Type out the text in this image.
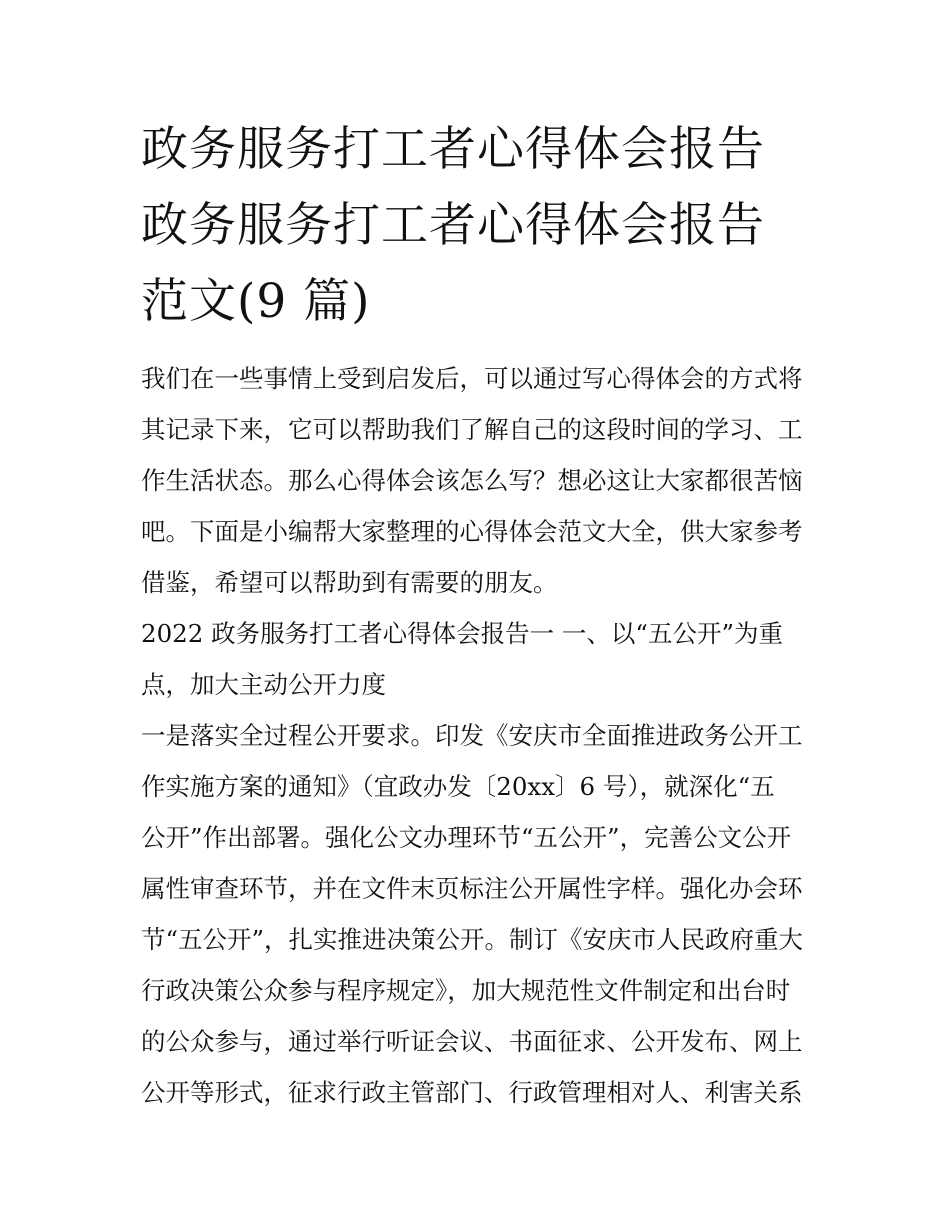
政务服务打工者心得体会报告
政务服务打工者心得体会报告
范文(9 篇)

我们在一些事情上受到启发后，可以通过写心得体会的方式将
其记录下来，它可以帮助我们了解自己的这段时间的学习、工
作生活状态。那么心得体会该怎么写？想必这让大家都很苦恼
吧。下面是小编帮大家整理的心得体会范文大全，供大家参考
借鉴，希望可以帮助到有需要的朋友。

2022 政务服务打工者心得体会报告一 一、以“五公开”为重
点，加大主动公开力度

一是落实全过程公开要求。印发《安庆市全面推进政务公开工
作实施方案的通知》（宜政办发〔20xx〕6 号），就深化“五
公开”作出部署。强化公文办理环节“五公开”，完善公文公开
属性审查环节，并在文件末页标注公开属性字样。强化办会环
节“五公开”，扎实推进决策公开。制订《安庆市人民政府重大
行政决策公众参与程序规定》，加大规范性文件制定和出台时
的公众参与，通过举行听证会议、书面征求、公开发布、网上
公开等形式，征求行政主管部门、行政管理相对人、利害关系
